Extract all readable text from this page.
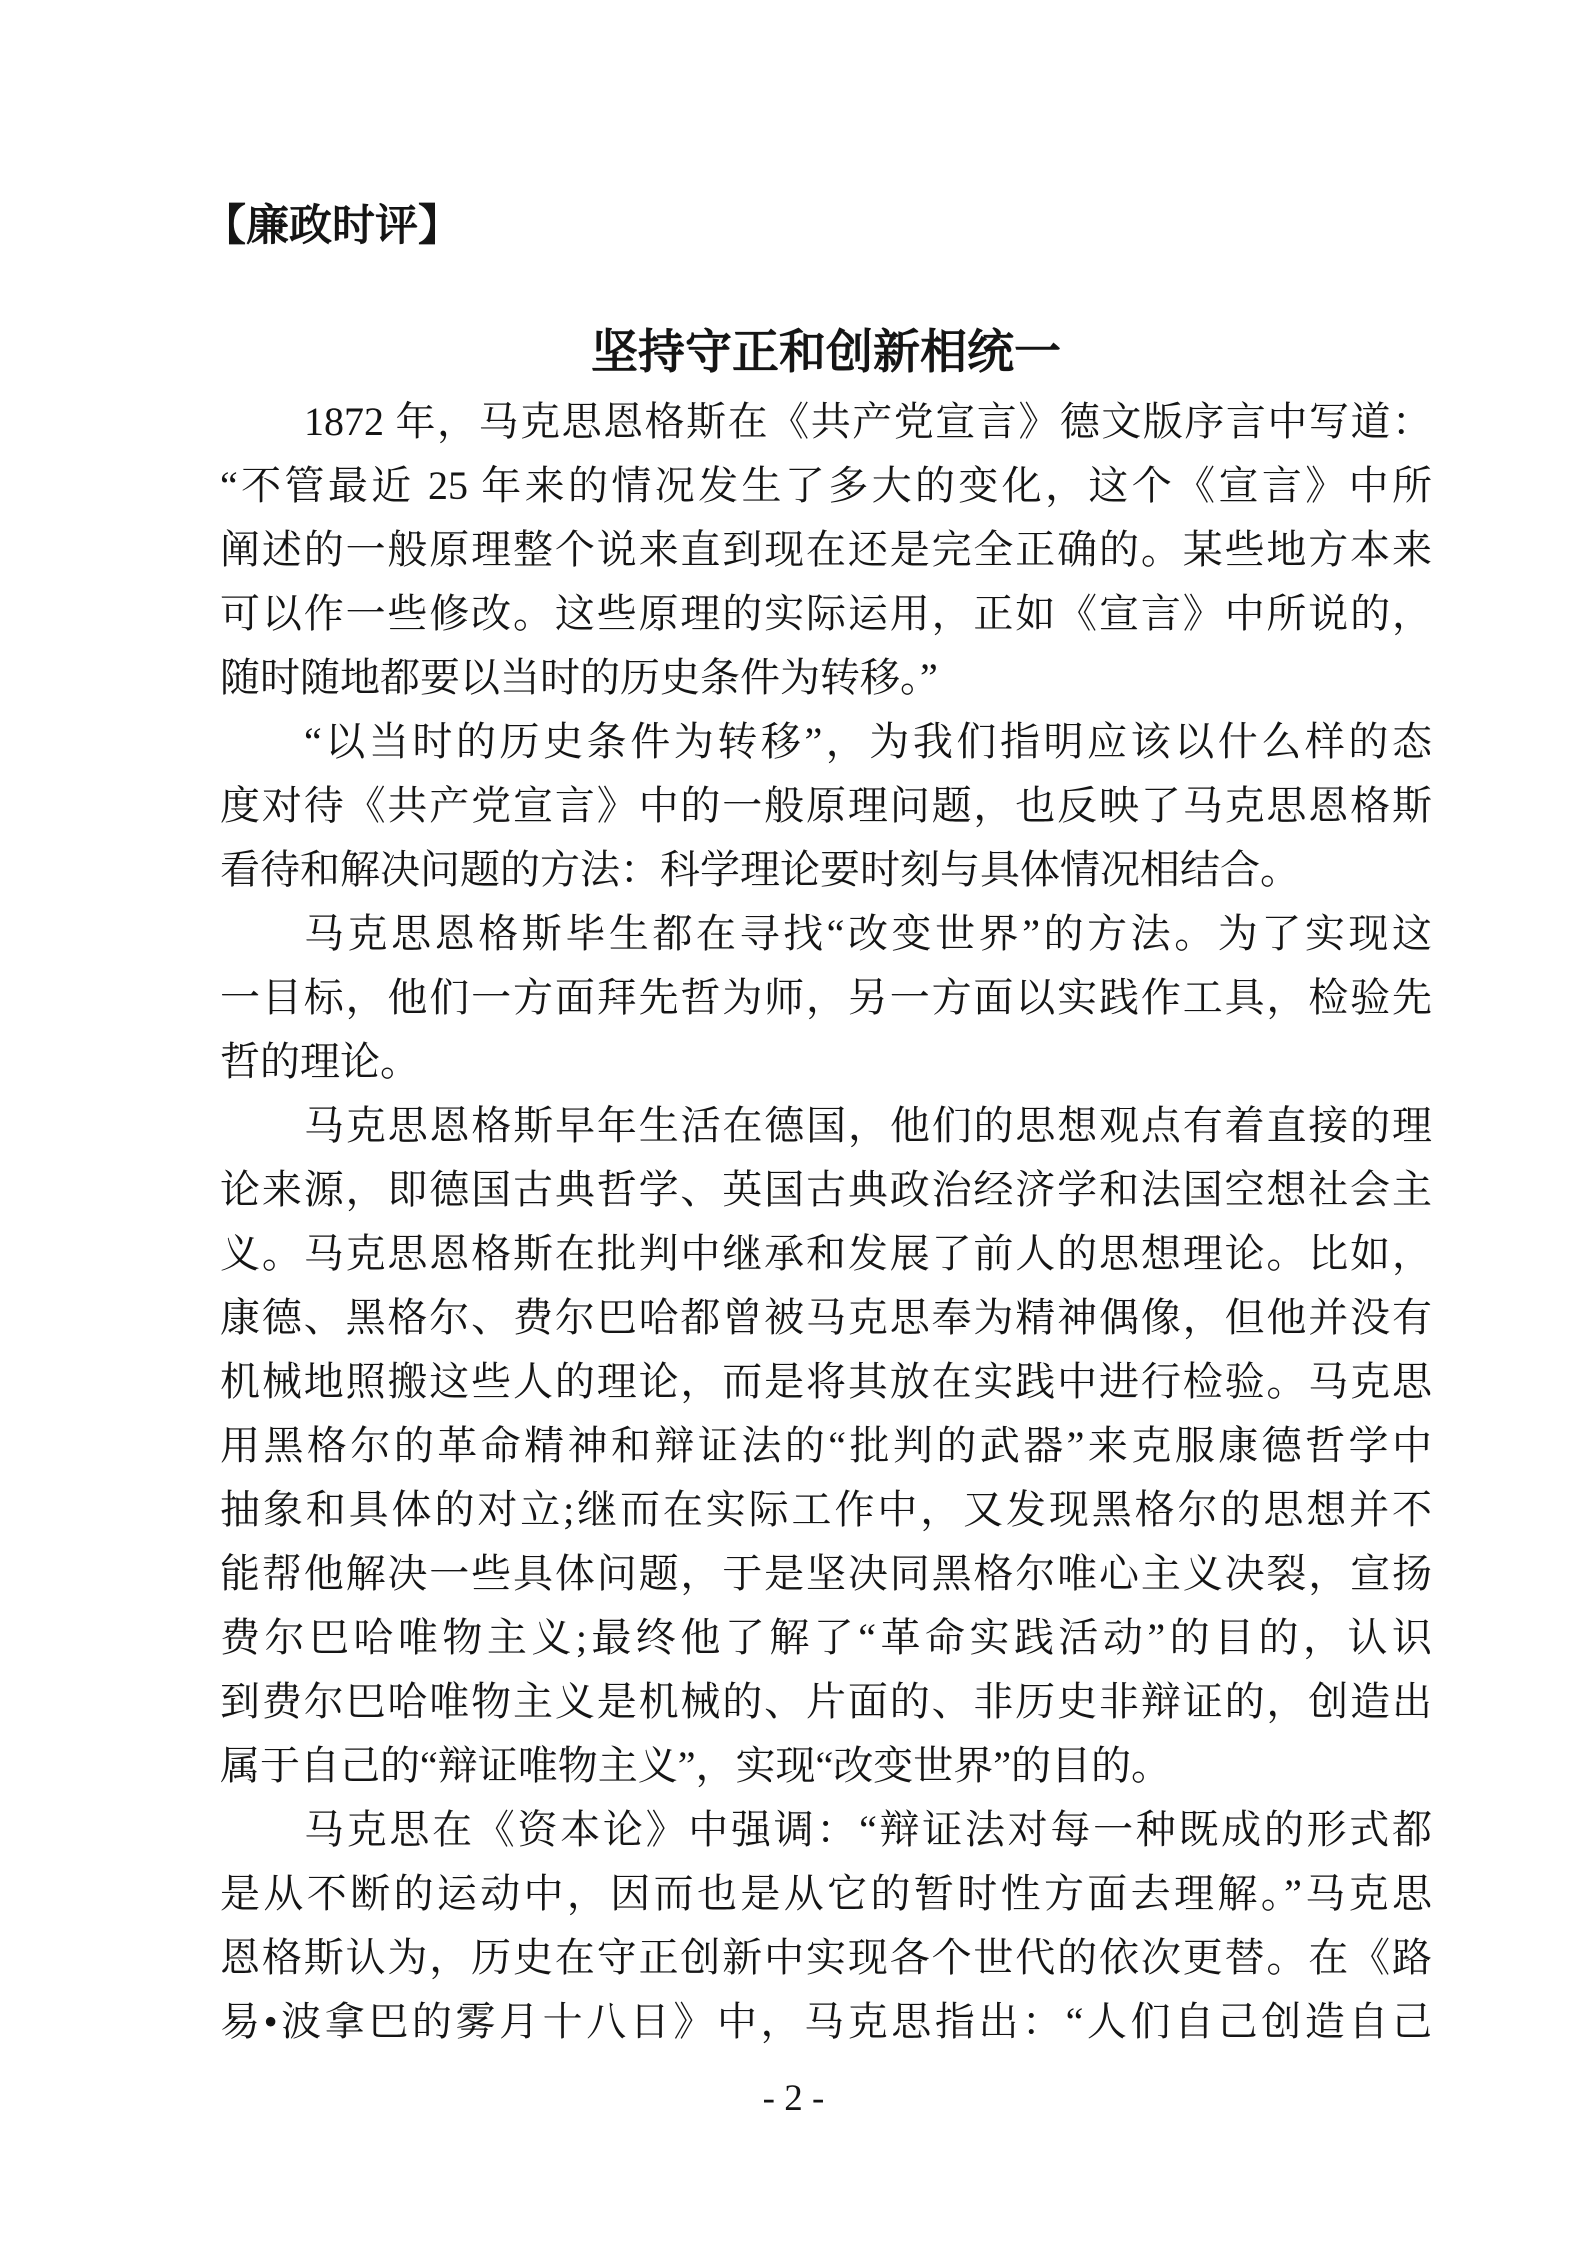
【廉政时评】
坚持守正和创新相统一
1872 年，马克思恩格斯在《共产党宣言》德文版序言中写道：
“不管最近 25 年来的情况发生了多大的变化，这个《宣言》中所
阐述的一般原理整个说来直到现在还是完全正确的。某些地方本来
可以作一些修改。这些原理的实际运用，正如《宣言》中所说的，
随时随地都要以当时的历史条件为转移。”
“以当时的历史条件为转移”，为我们指明应该以什么样的态
度对待《共产党宣言》中的一般原理问题，也反映了马克思恩格斯
看待和解决问题的方法：科学理论要时刻与具体情况相结合。
马克思恩格斯毕生都在寻找“改变世界”的方法。为了实现这
一目标，他们一方面拜先哲为师，另一方面以实践作工具，检验先
哲的理论。
马克思恩格斯早年生活在德国，他们的思想观点有着直接的理
论来源，即德国古典哲学、英国古典政治经济学和法国空想社会主
义。马克思恩格斯在批判中继承和发展了前人的思想理论。比如，
康德、黑格尔、费尔巴哈都曾被马克思奉为精神偶像，但他并没有
机械地照搬这些人的理论，而是将其放在实践中进行检验。马克思
用黑格尔的革命精神和辩证法的“批判的武器”来克服康德哲学中
抽象和具体的对立;继而在实际工作中，又发现黑格尔的思想并不
能帮他解决一些具体问题，于是坚决同黑格尔唯心主义决裂，宣扬
费尔巴哈唯物主义;最终他了解了“革命实践活动”的目的，认识
到费尔巴哈唯物主义是机械的、片面的、非历史非辩证的，创造出
属于自己的“辩证唯物主义”，实现“改变世界”的目的。
马克思在《资本论》中强调：“辩证法对每一种既成的形式都
是从不断的运动中，因而也是从它的暂时性方面去理解。”马克思
恩格斯认为，历史在守正创新中实现各个世代的依次更替。在《路
易•波拿巴的雾月十八日》中，马克思指出：“人们自己创造自己
- 2 -
